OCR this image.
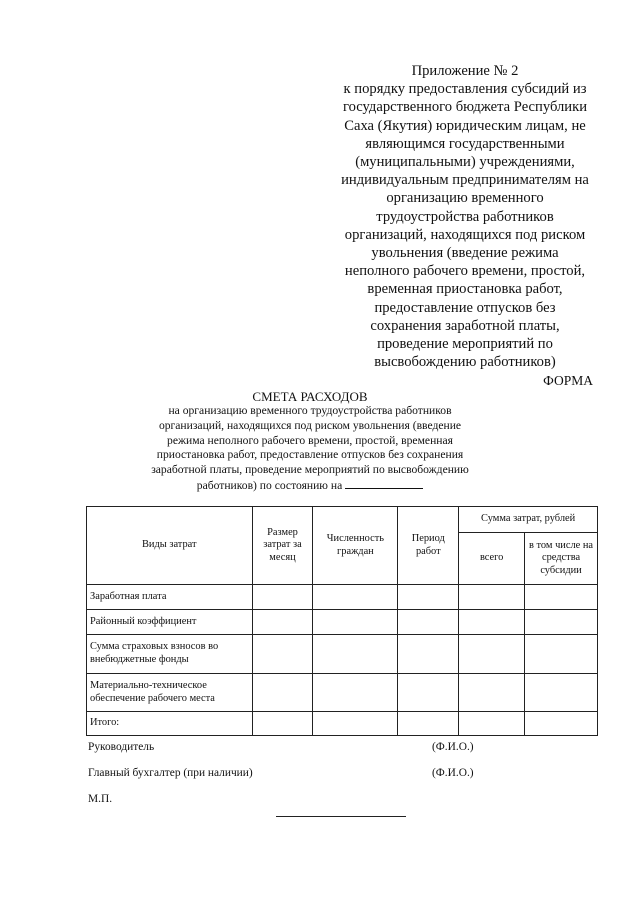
Приложение № 2
к порядку предоставления субсидий из
государственного бюджета Республики
Саха (Якутия) юридическим лицам, не
являющимся государственными
(муниципальными) учреждениями,
индивидуальным предпринимателям на
организацию временного
трудоустройства работников
организаций, находящихся под риском
увольнения (введение режима
неполного рабочего времени, простой,
временная приостановка работ,
предоставление отпусков без
сохранения заработной платы,
проведение мероприятий по
высвобождению работников)
ФОРМА
СМЕТА РАСХОДОВ
на организацию временного трудоустройства работников
организаций, находящихся под риском увольнения (введение
режима неполного рабочего времени, простой, временная
приостановка работ, предоставление отпусков без сохранения
заработной платы, проведение мероприятий по высвобождению
работников) по состоянию на
Виды затрат	Размер затрат за месяц	Численность граждан	Период работ	Сумма затрат, рублей	
				всего	в том числе на средства субсидии
Заработная плата					
Районный коэффициент					
Сумма страховых взносов во внебюджетные фонды					
Материально-техническое обеспечение рабочего места					
Итого:					
Руководитель	(Ф.И.О.)
Главный бухгалтер (при наличии)	(Ф.И.О.)
М.П.
